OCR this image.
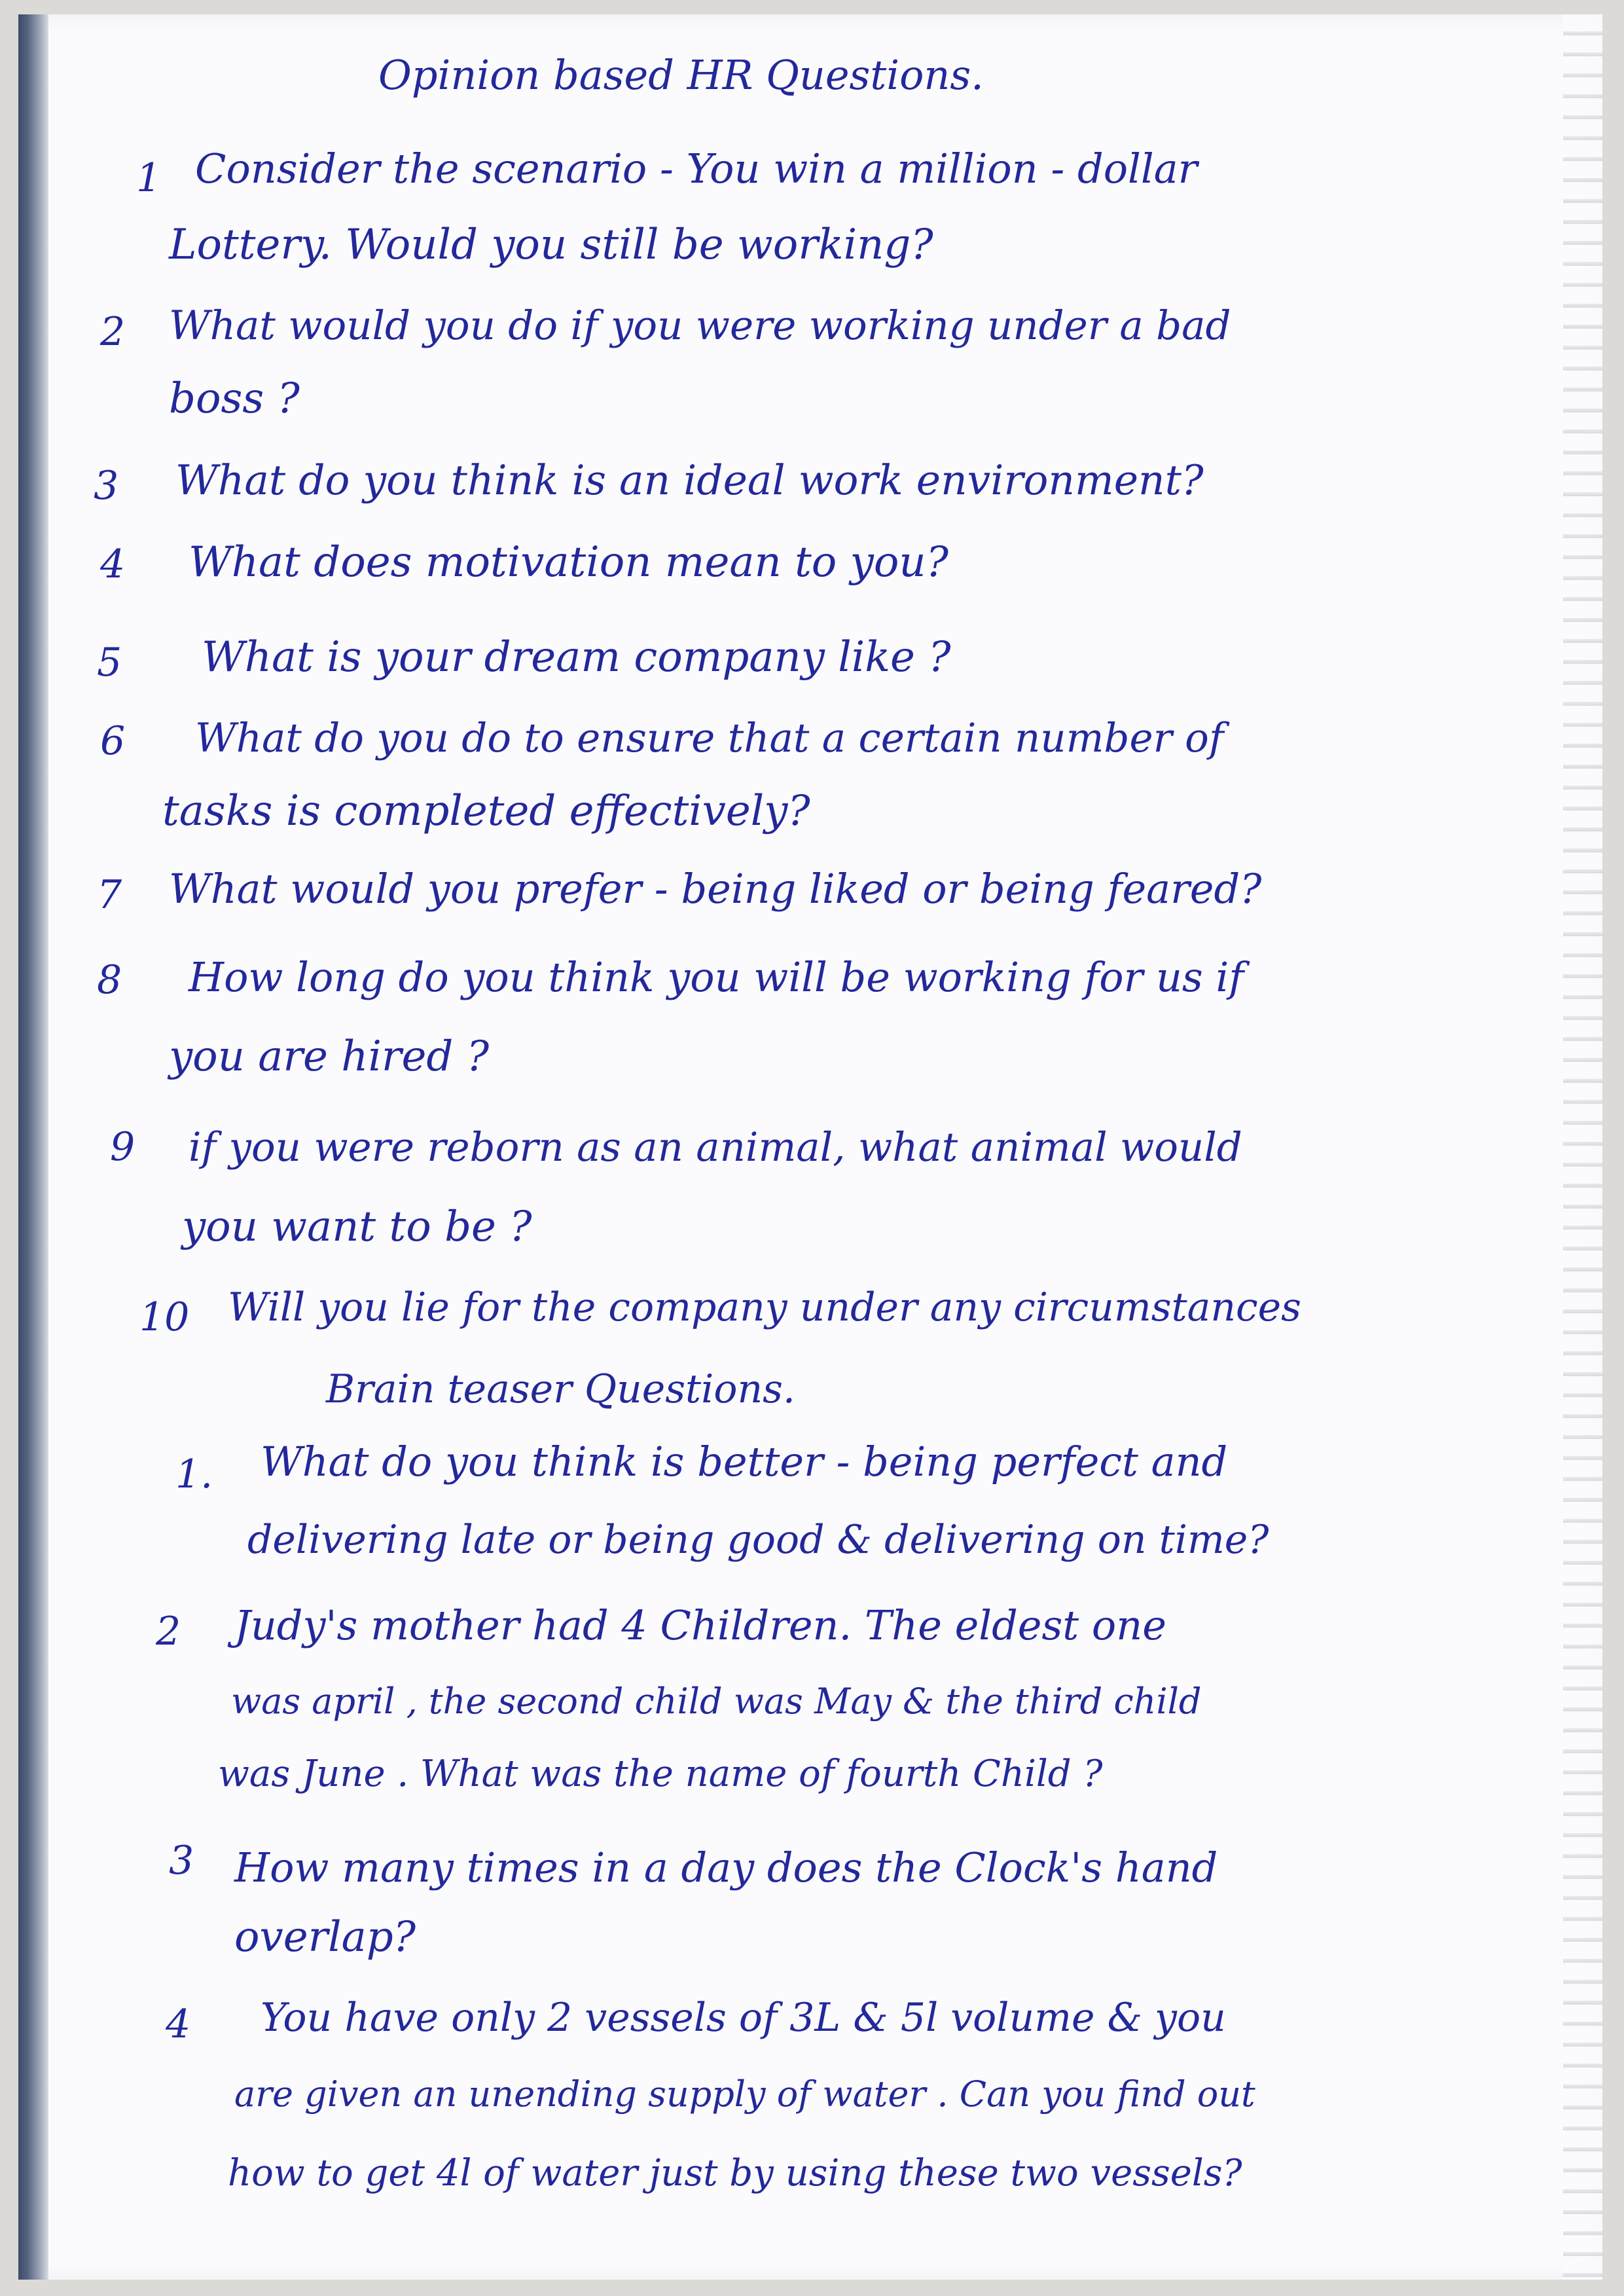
Opinion based HR Questions.
1 Consider the scenario - You win a million - dollar
Lottery. Would you still be working?
2 What would you do if you were working under a bad
boss ?
3 What do you think is an ideal work environment?
4 What does motivation mean to you?
5 What is your dream company like ?
6 What do you do to ensure that a certain number of
tasks is completed effectively?
7 What would you prefer - being liked or being feared?
8 How long do you think you will be working for us if
you are hired ?
9 if you were reborn as an animal, what animal would
you want to be ?
10 Will you lie for the company under any circumstances
Brain teaser Questions.
1. What do you think is better - being perfect and
delivering late or being good & delivering on time?
2 Judy's mother had 4 Children. The eldest one
was april , the second child was May & the third child
was June . What was the name of fourth Child ?
3 How many times in a day does the Clock's hand
overlap?
4 You have only 2 vessels of 3L & 5l volume & you
are given an unending supply of water . Can you find out
how to get 4l of water just by using these two vessels?
